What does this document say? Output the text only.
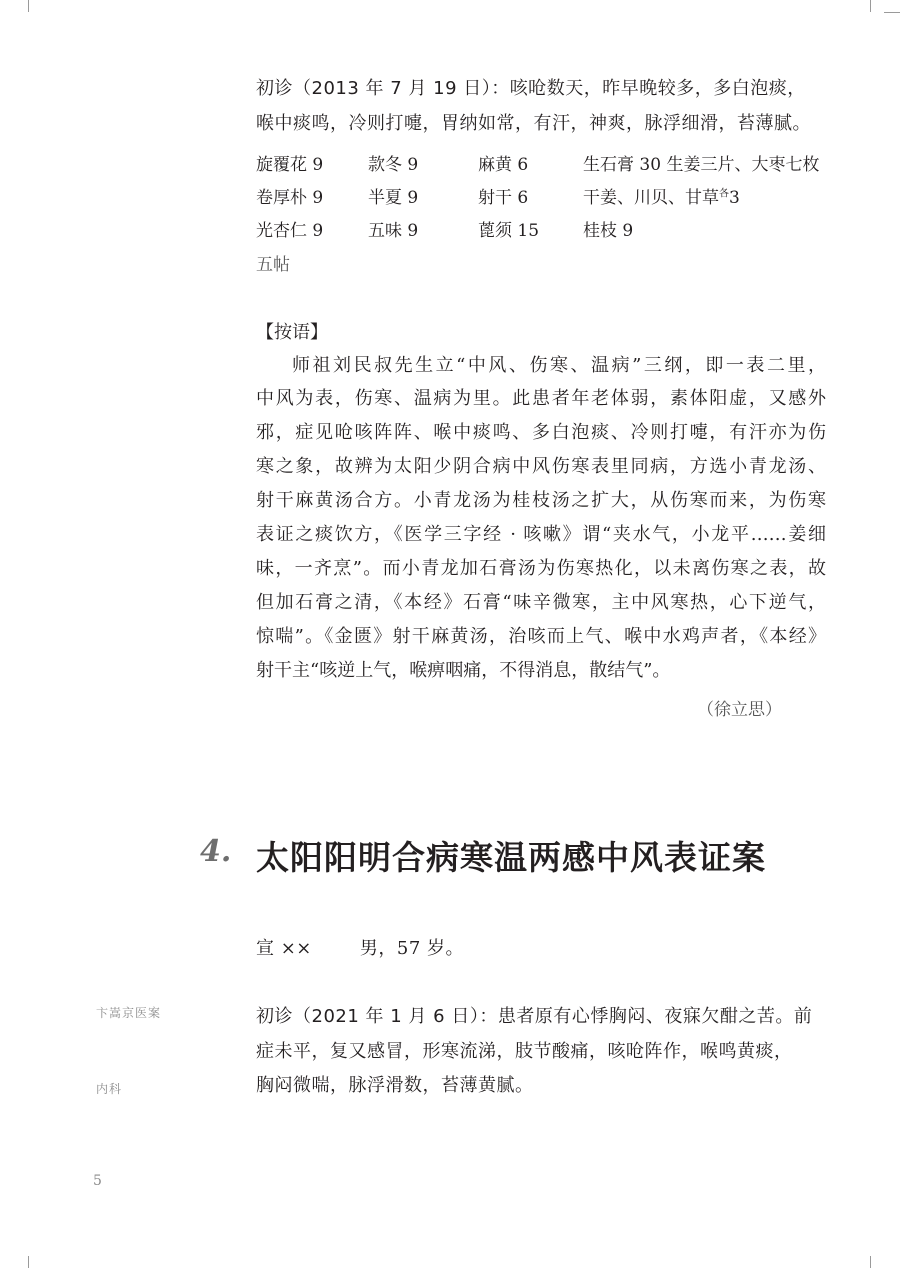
初诊（2013 年 7 月 19 日）：咳呛数天，昨早晚较多，多白泡痰，
喉中痰鸣，冷则打嚏，胃纳如常，有汗，神爽，脉浮细滑，苔薄腻。
旋覆花 9	款冬 9	麻黄 6	生石膏 30 生姜三片、大枣七枚
卷厚朴 9	半夏 9	射干 6	干姜、川贝、甘草$^各$3
光杏仁 9	五味 9	蓖须 15	桂枝 9
五帖
【按语】
师祖刘民叔先生立“中风、伤寒、温病”三纲，即一表二里，
中风为表，伤寒、温病为里。此患者年老体弱，素体阳虚，又感外
邪，症见呛咳阵阵、喉中痰鸣、多白泡痰、冷则打嚏，有汗亦为伤
寒之象，故辨为太阳少阴合病中风伤寒表里同病，方选小青龙汤、
射干麻黄汤合方。小青龙汤为桂枝汤之扩大，从伤寒而来，为伤寒
表证之痰饮方，《医学三字经 · 咳嗽》谓“夹水气，小龙平……姜细
味，一齐烹”。而小青龙加石膏汤为伤寒热化，以未离伤寒之表，故
但加石膏之清，《本经》石膏“味辛微寒，主中风寒热，心下逆气，
惊喘”。《金匮》射干麻黄汤，治咳而上气、喉中水鸡声者，《本经》
射干主“咳逆上气，喉痹咽痛，不得消息，散结气”。
（徐立思）
4. 太阳阳明合病寒温两感中风表证案
宣 ××	男，57 岁。
初诊（2021 年 1 月 6 日）：患者原有心悸胸闷、夜寐欠酣之苦。前
症未平，复又感冒，形寒流涕，肢节酸痛，咳呛阵作，喉鸣黄痰，
胸闷微喘，脉浮滑数，苔薄黄腻。
卞嵩京医案
内科
5
